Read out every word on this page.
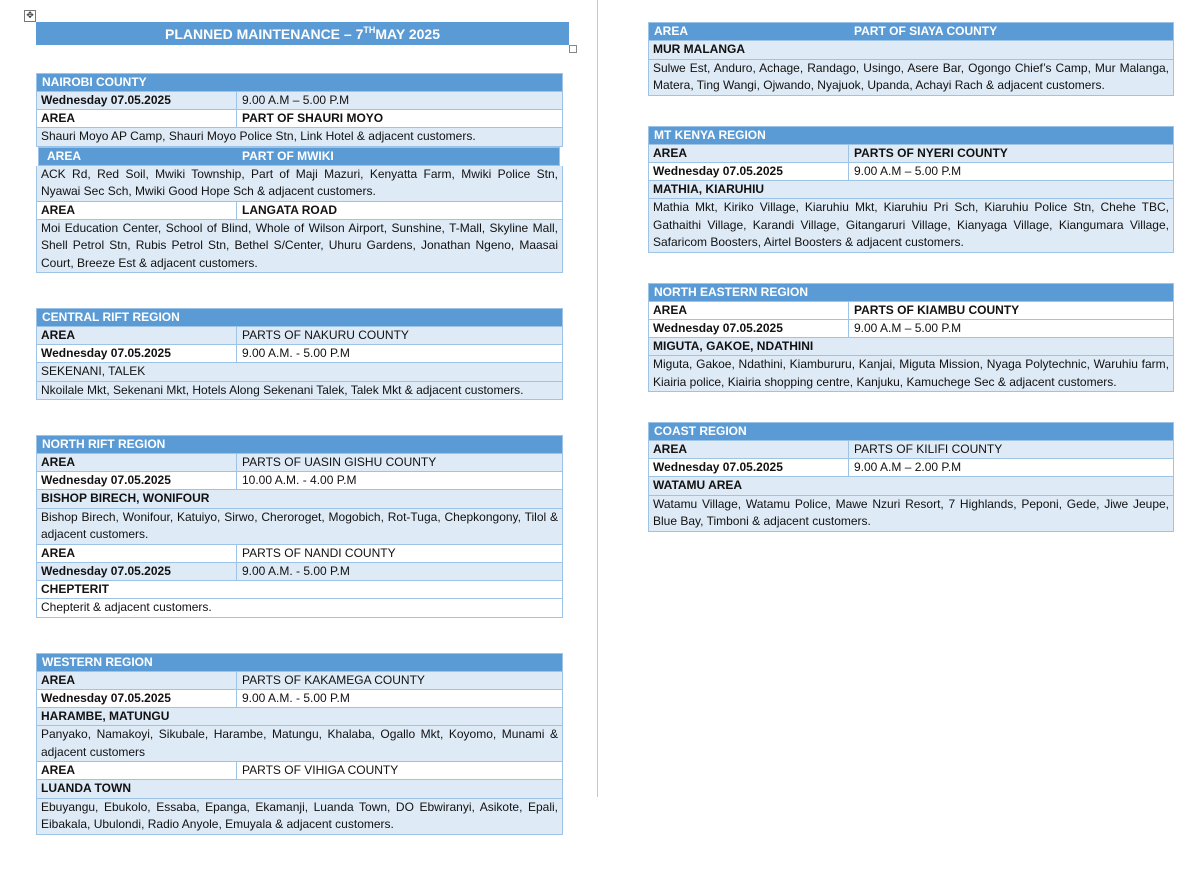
✥
PLANNED MAINTENANCE – 7TH MAY 2025
NAIROBI COUNTY
Wednesday 07.05.2025	9.00 A.M – 5.00 P.M
AREA	PART OF SHAURI MOYO
Shauri Moyo AP Camp, Shauri Moyo Police Stn, Link Hotel & adjacent customers.
AREA	PART OF MWIKI
ACK Rd, Red Soil, Mwiki Township, Part of Maji Mazuri, Kenyatta Farm, Mwiki Police Stn, Nyawai Sec Sch, Mwiki Good Hope Sch & adjacent customers.
AREA	LANGATA ROAD
Moi Education Center, School of Blind, Whole of Wilson Airport, Sunshine, T-Mall, Skyline Mall, Shell Petrol Stn, Rubis Petrol Stn, Bethel S/Center, Uhuru Gardens, Jonathan Ngeno, Maasai Court, Breeze Est & adjacent customers.
CENTRAL RIFT REGION
AREA	PARTS OF NAKURU COUNTY
Wednesday 07.05.2025	9.00 A.M. - 5.00 P.M
SEKENANI, TALEK
Nkoilale Mkt, Sekenani Mkt, Hotels Along Sekenani Talek, Talek Mkt & adjacent customers.
NORTH RIFT REGION
AREA	PARTS OF UASIN GISHU COUNTY
Wednesday 07.05.2025	10.00 A.M. - 4.00 P.M
BISHOP BIRECH, WONIFOUR
Bishop Birech, Wonifour, Katuiyo, Sirwo, Cheroroget, Mogobich, Rot-Tuga, Chepkongony, Tilol & adjacent customers.
AREA	PARTS OF NANDI COUNTY
Wednesday 07.05.2025	9.00 A.M. - 5.00 P.M
CHEPTERIT
Chepterit & adjacent customers.
WESTERN REGION
AREA	PARTS OF KAKAMEGA COUNTY
Wednesday 07.05.2025	9.00 A.M. - 5.00 P.M
HARAMBE, MATUNGU
Panyako, Namakoyi, Sikubale, Harambe, Matungu, Khalaba, Ogallo Mkt, Koyomo, Munami & adjacent customers
AREA	PARTS OF VIHIGA COUNTY
LUANDA TOWN
Ebuyangu, Ebukolo, Essaba, Epanga, Ekamanji, Luanda Town, DO Ebwiranyi, Asikote, Epali, Eibakala, Ubulondi, Radio Anyole, Emuyala & adjacent customers.
AREA	PART OF SIAYA COUNTY
MUR MALANGA
Sulwe Est, Anduro, Achage, Randago, Usingo, Asere Bar, Ogongo Chief’s Camp, Mur Malanga, Matera, Ting Wangi, Ojwando, Nyajuok, Upanda, Achayi Rach & adjacent customers.
MT KENYA REGION
AREA	PARTS OF NYERI COUNTY
Wednesday 07.05.2025	9.00 A.M – 5.00 P.M
MATHIA, KIARUHIU
Mathia Mkt, Kiriko Village, Kiaruhiu Mkt, Kiaruhiu Pri Sch, Kiaruhiu Police Stn, Chehe TBC, Gathaithi Village, Karandi Village, Gitangaruri Village, Kianyaga Village, Kiangumara Village, Safaricom Boosters, Airtel Boosters & adjacent customers.
NORTH EASTERN REGION
AREA	PARTS OF KIAMBU COUNTY
Wednesday 07.05.2025	9.00 A.M – 5.00 P.M
MIGUTA, GAKOE, NDATHINI
Miguta, Gakoe, Ndathini, Kiambururu, Kanjai, Miguta Mission, Nyaga Polytechnic, Waruhiu farm, Kiairia police, Kiairia shopping centre, Kanjuku, Kamuchege Sec & adjacent customers.
COAST REGION
AREA	PARTS OF KILIFI COUNTY
Wednesday 07.05.2025	9.00 A.M – 2.00 P.M
WATAMU AREA
Watamu Village, Watamu Police, Mawe Nzuri Resort, 7 Highlands, Peponi, Gede, Jiwe Jeupe, Blue Bay, Timboni & adjacent customers.
